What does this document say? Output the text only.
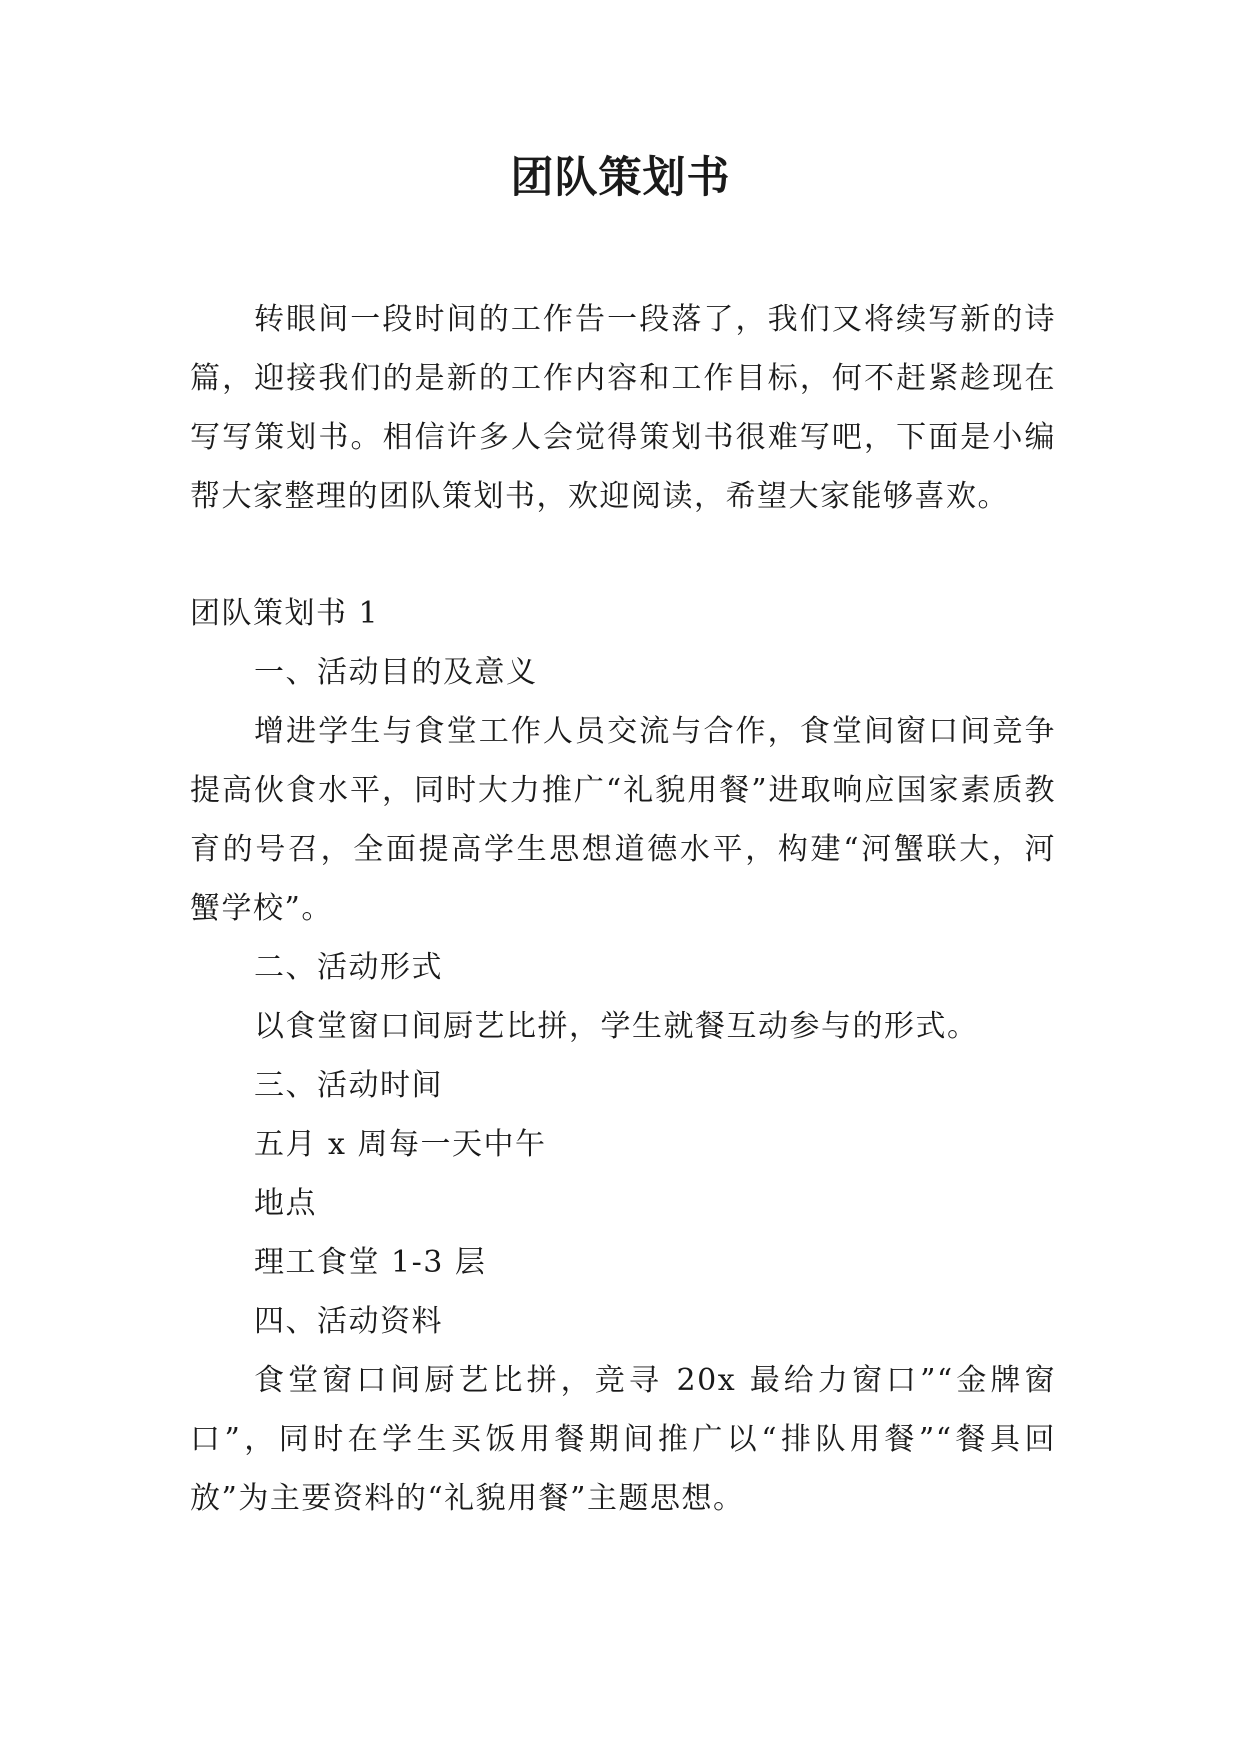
团队策划书

转眼间一段时间的工作告一段落了，我们又将续写新的诗篇，迎接我们的是新的工作内容和工作目标，何不赶紧趁现在写写策划书。相信许多人会觉得策划书很难写吧，下面是小编帮大家整理的团队策划书，欢迎阅读，希望大家能够喜欢。

团队策划书 1

一、活动目的及意义

增进学生与食堂工作人员交流与合作，食堂间窗口间竞争提高伙食水平，同时大力推广“礼貌用餐”进取响应国家素质教育的号召，全面提高学生思想道德水平，构建“河蟹联大，河蟹学校”。

二、活动形式

以食堂窗口间厨艺比拼，学生就餐互动参与的形式。

三、活动时间

五月 x 周每一天中午

地点

理工食堂 1-3 层

四、活动资料

食堂窗口间厨艺比拼，竞寻 20x 最给力窗口”“金牌窗口”，同时在学生买饭用餐期间推广以“排队用餐”“餐具回放”为主要资料的“礼貌用餐”主题思想。
